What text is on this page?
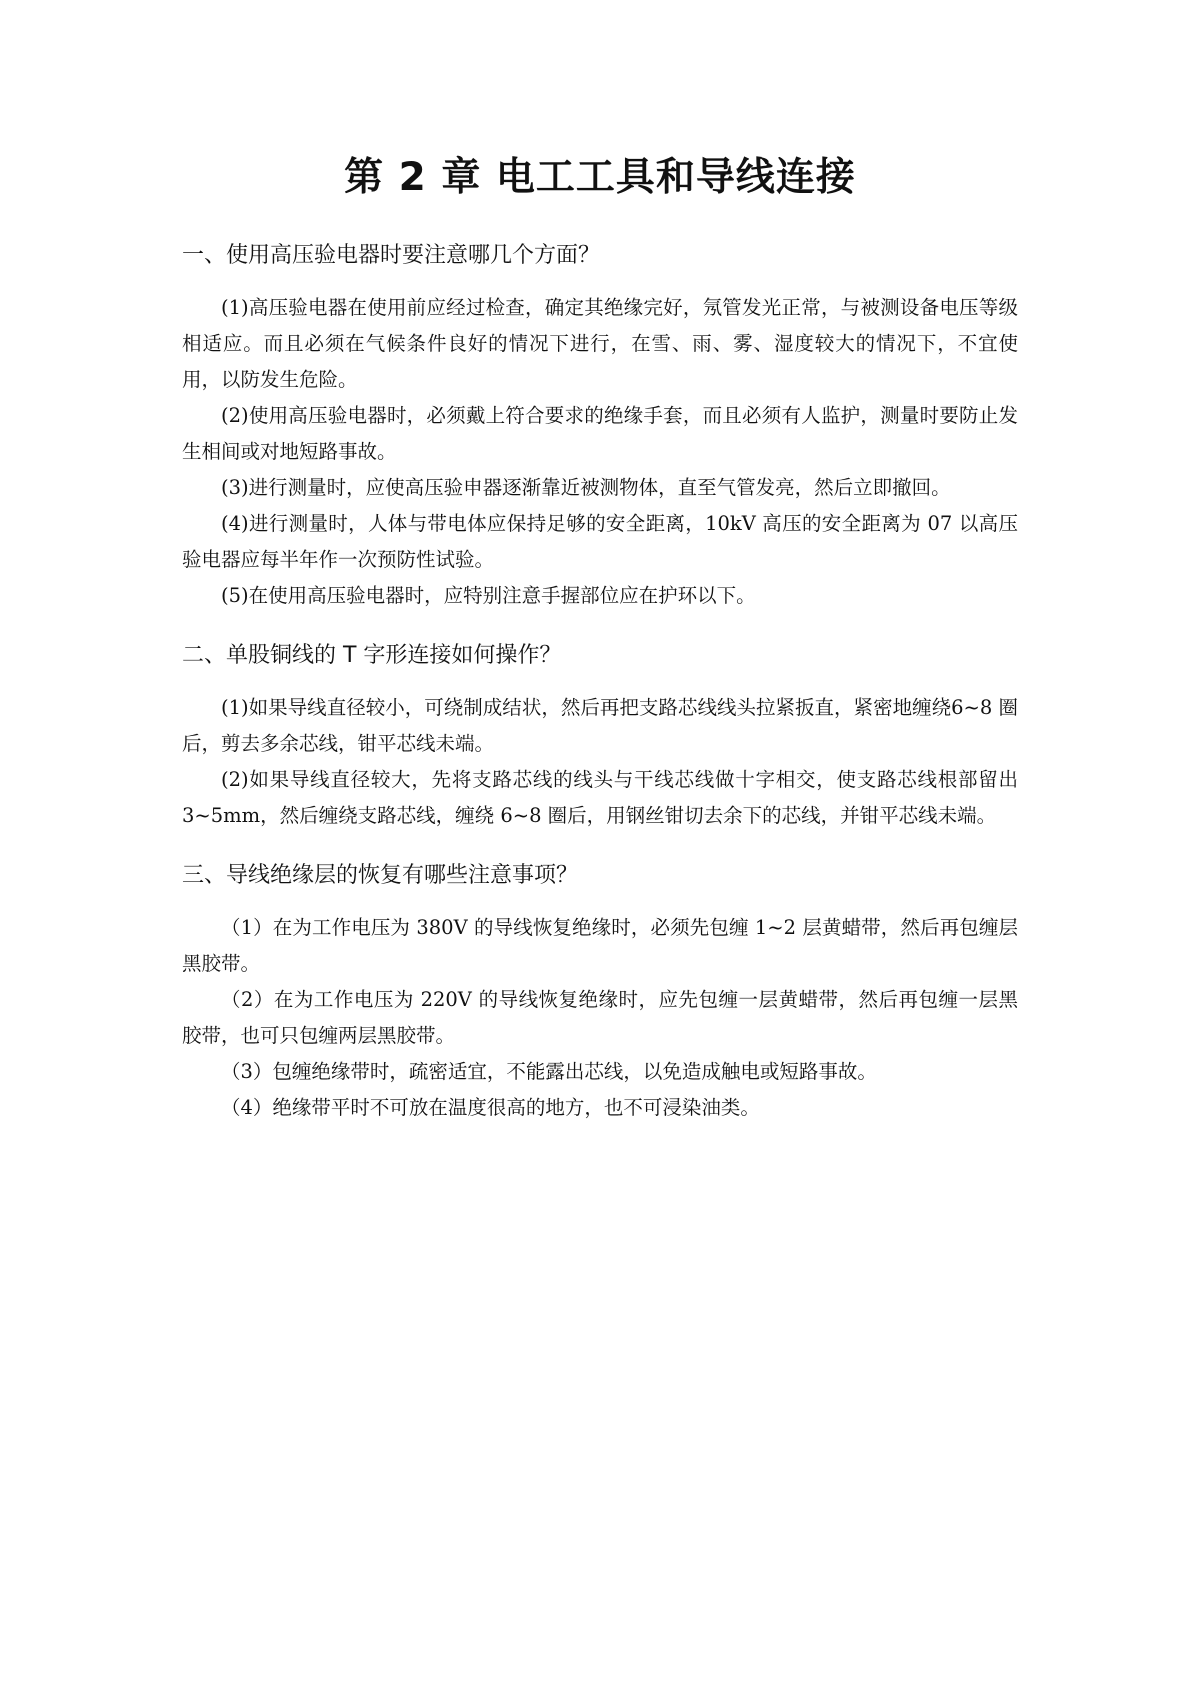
第 2 章 电工工具和导线连接
一、使用高压验电器时要注意哪几个方面？

(1)高压验电器在使用前应经过检查，确定其绝缘完好，氖管发光正常，与被测设备电压等级相适应。而且必须在气候条件良好的情况下进行，在雪、雨、雾、湿度较大的情况下，不宜使用，以防发生危险。

(2)使用高压验电器时，必须戴上符合要求的绝缘手套，而且必须有人监护，测量时要防止发生相间或对地短路事故。

(3)进行测量时，应使高压验申器逐渐靠近被测物体，直至气管发亮，然后立即撤回。

(4)进行测量时，人体与带电体应保持足够的安全距离，10kV 高压的安全距离为 07 以高压验电器应每半年作一次预防性试验。

(5)在使用高压验电器时，应特别注意手握部位应在护环以下。

二、单股铜线的 T 字形连接如何操作？

(1)如果导线直径较小，可绕制成结状，然后再把支路芯线线头拉紧扳直，紧密地缠绕6~8 圈后，剪去多余芯线，钳平芯线未端。

(2)如果导线直径较大，先将支路芯线的线头与干线芯线做十字相交，使支路芯线根部留出 3~5mm，然后缠绕支路芯线，缠绕 6~8 圈后，用钢丝钳切去余下的芯线，并钳平芯线未端。

三、导线绝缘层的恢复有哪些注意事项？

（1）在为工作电压为 380V 的导线恢复绝缘时，必须先包缠 1~2 层黄蜡带，然后再包缠层黑胶带。

（2）在为工作电压为 220V 的导线恢复绝缘时，应先包缠一层黄蜡带，然后再包缠一层黑胶带，也可只包缠两层黑胶带。

（3）包缠绝缘带时，疏密适宜，不能露出芯线，以免造成触电或短路事故。

（4）绝缘带平时不可放在温度很高的地方，也不可浸染油类。
